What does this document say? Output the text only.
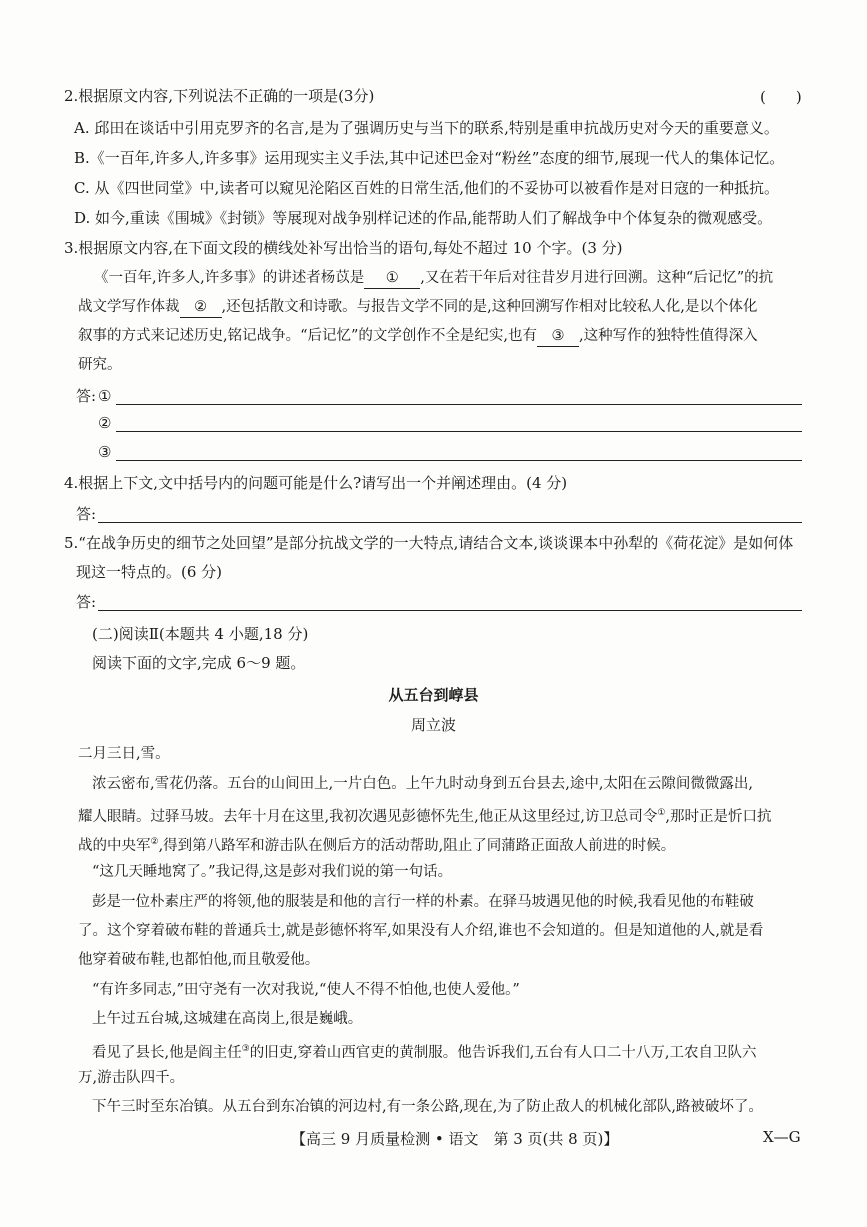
2.根据原文内容,下列说法不正确的一项是(3分)	(　　)
A. 邱田在谈话中引用克罗齐的名言,是为了强调历史与当下的联系,特别是重申抗战历史对今天的重要意义。
B.《一百年,许多人,许多事》运用现实主义手法,其中记述巴金对“粉丝”态度的细节,展现一代人的集体记忆。
C. 从《四世同堂》中,读者可以窥见沦陷区百姓的日常生活,他们的不妥协可以被看作是对日寇的一种抵抗。
D. 如今,重读《围城》《封锁》等展现对战争别样记述的作品,能帮助人们了解战争中个体复杂的微观感受。
3.根据原文内容,在下面文段的横线处补写出恰当的语句,每处不超过 10 个字。(3 分)
《一百年,许多人,许多事》的讲述者杨苡是 ① ,又在若干年后对往昔岁月进行回溯。这种“后记忆”的抗
战文学写作体裁 ② ,还包括散文和诗歌。与报告文学不同的是,这种回溯写作相对比较私人化,是以个体化
叙事的方式来记述历史,铭记战争。“后记忆”的文学创作不全是纪实,也有 ③ ,这种写作的独特性值得深入
研究。
答: ①
②
③
4.根据上下文,文中括号内的问题可能是什么?请写出一个并阐述理由。(4 分)
答:
5.“在战争历史的细节之处回望”是部分抗战文学的一大特点,请结合文本,谈谈课本中孙犁的《荷花淀》是如何体
现这一特点的。(6 分)
答:
(二)阅读Ⅱ(本题共 4 小题,18 分)
阅读下面的文字,完成 6～9 题。
从五台到崞县
周立波
二月三日,雪。
浓云密布,雪花仍落。五台的山间田上,一片白色。上午九时动身到五台县去,途中,太阳在云隙间微微露出,
耀人眼睛。过驿马坡。去年十月在这里,我初次遇见彭德怀先生,他正从这里经过,访卫总司令①,那时正是忻口抗
战的中央军②,得到第八路军和游击队在侧后方的活动帮助,阻止了同蒲路正面敌人前进的时候。
“这几天睡地窝了。”我记得,这是彭对我们说的第一句话。
彭是一位朴素庄严的将领,他的服装是和他的言行一样的朴素。在驿马坡遇见他的时候,我看见他的布鞋破
了。这个穿着破布鞋的普通兵士,就是彭德怀将军,如果没有人介绍,谁也不会知道的。但是知道他的人,就是看
他穿着破布鞋,也都怕他,而且敬爱他。
“有许多同志,”田守尧有一次对我说,“使人不得不怕他,也使人爱他。”
上午过五台城,这城建在高岗上,很是巍峨。
看见了县长,他是阎主任③的旧吏,穿着山西官吏的黄制服。他告诉我们,五台有人口二十八万,工农自卫队六
万,游击队四千。
下午三时至东冶镇。从五台到东冶镇的河边村,有一条公路,现在,为了防止敌人的机械化部队,路被破坏了。
【高三 9 月质量检测 • 语文　第 3 页(共 8 页)】	X—G
